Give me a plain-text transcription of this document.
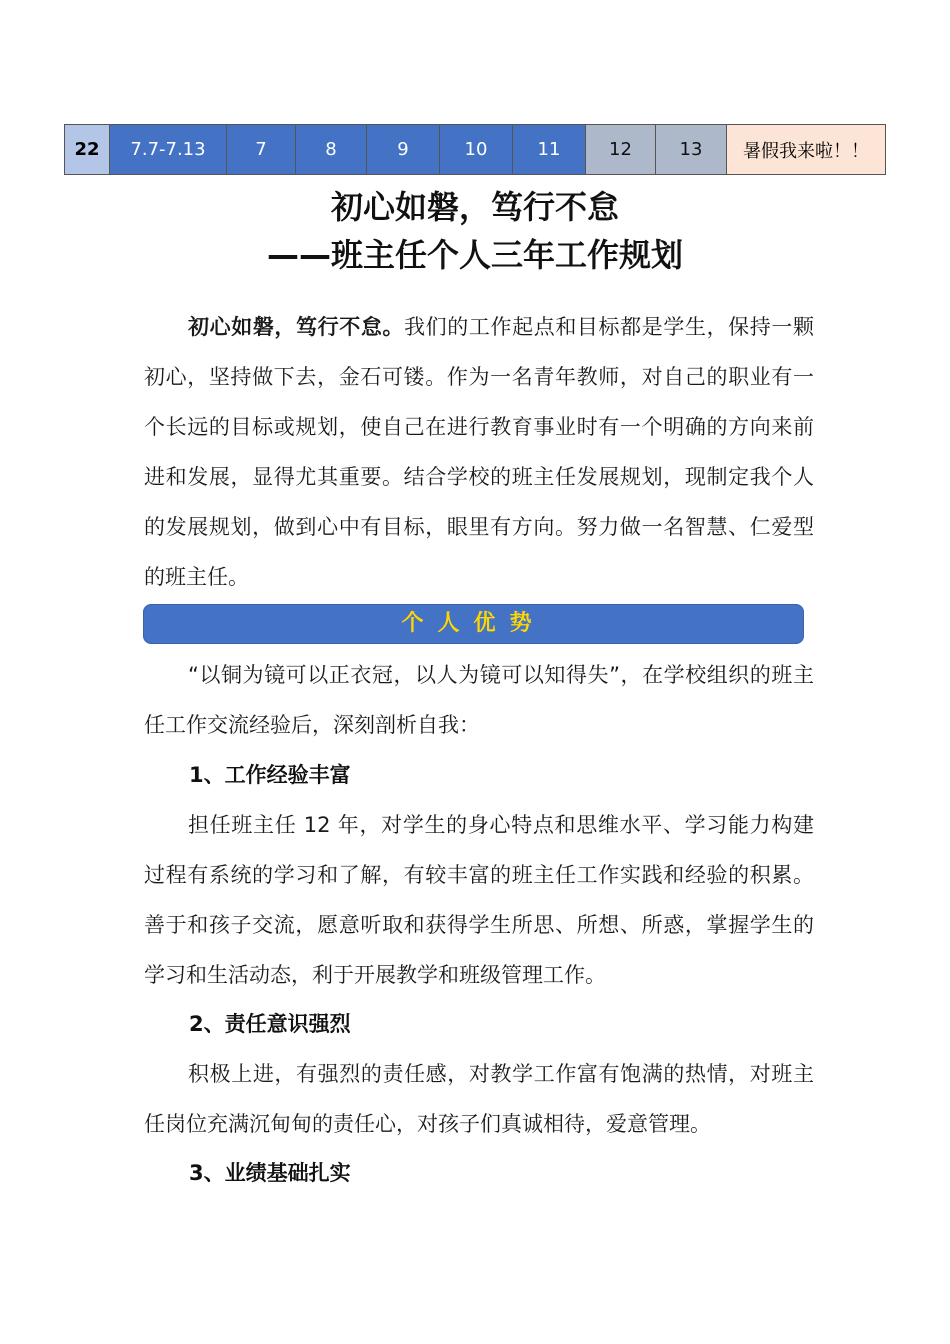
22	7.7-7.13	7	8	9	10	11	12	13	暑假我来啦！！
初心如磐，笃行不怠
——班主任个人三年工作规划

初心如磐，笃行不怠。我们的工作起点和目标都是学生，保持一颗初心，坚持做下去，金石可镂。作为一名青年教师，对自己的职业有一个长远的目标或规划，使自己在进行教育事业时有一个明确的方向来前进和发展，显得尤其重要。结合学校的班主任发展规划，现制定我个人的发展规划，做到心中有目标，眼里有方向。努力做一名智慧、仁爱型的班主任。

个人优势

“以铜为镜可以正衣冠，以人为镜可以知得失”，在学校组织的班主任工作交流经验后，深刻剖析自我：

1、工作经验丰富

担任班主任 12 年，对学生的身心特点和思维水平、学习能力构建过程有系统的学习和了解，有较丰富的班主任工作实践和经验的积累。善于和孩子交流，愿意听取和获得学生所思、所想、所惑，掌握学生的学习和生活动态，利于开展教学和班级管理工作。

2、责任意识强烈

积极上进，有强烈的责任感，对教学工作富有饱满的热情，对班主任岗位充满沉甸甸的责任心，对孩子们真诚相待，爱意管理。

3、业绩基础扎实
